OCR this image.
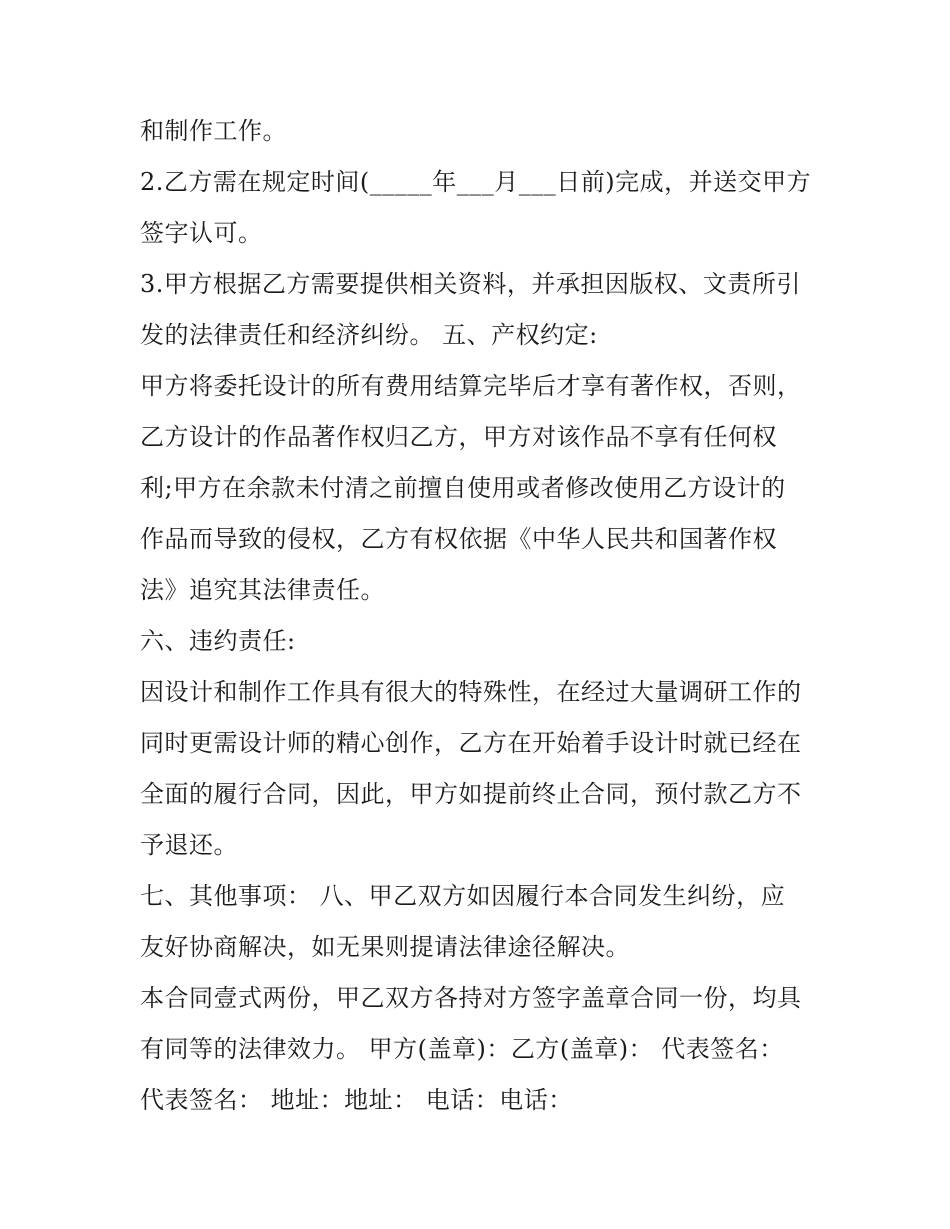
和制作工作。
2.乙方需在规定时间(_____年___月___日前)完成，并送交甲方
签字认可。
3.甲方根据乙方需要提供相关资料，并承担因版权、文责所引
发的法律责任和经济纠纷。 五、产权约定:
甲方将委托设计的所有费用结算完毕后才享有著作权，否则，
乙方设计的作品著作权归乙方，甲方对该作品不享有任何权
利;甲方在余款未付清之前擅自使用或者修改使用乙方设计的
作品而导致的侵权，乙方有权依据《中华人民共和国著作权
法》追究其法律责任。
六、违约责任:
因设计和制作工作具有很大的特殊性，在经过大量调研工作的
同时更需设计师的精心创作，乙方在开始着手设计时就已经在
全面的履行合同，因此，甲方如提前终止合同，预付款乙方不
予退还。
七、其他事项： 八、甲乙双方如因履行本合同发生纠纷，应
友好协商解决，如无果则提请法律途径解决。
本合同壹式两份，甲乙双方各持对方签字盖章合同一份，均具
有同等的法律效力。 甲方(盖章)：乙方(盖章)： 代表签名：
代表签名： 地址：地址： 电话：电话：
